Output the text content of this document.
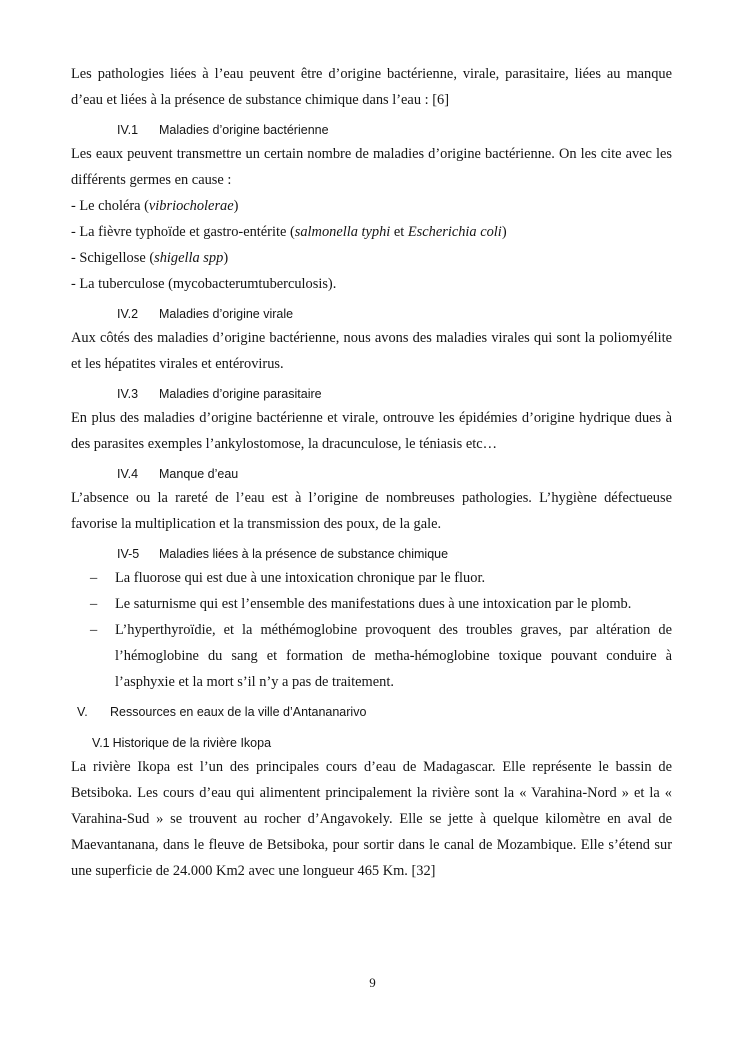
Les pathologies liées à l’eau peuvent être d’origine bactérienne, virale, parasitaire, liées au manque

d’eau et liées à la présence de substance chimique dans l’eau : [6]

IV.1	Maladies d’origine bactérienne

Les eaux peuvent transmettre un certain nombre de maladies d’origine bactérienne. On les cite avec les différents germes en cause :

- Le choléra (vibriocholerae)

- La fièvre typhoïde et gastro-entérite (salmonella typhi et Escherichia coli)

- Schigellose (shigella spp)

- La tuberculose (mycobacterumtuberculosis).

IV.2	Maladies d’origine virale

Aux côtés des maladies d’origine bactérienne, nous avons des maladies virales qui sont la poliomyélite et les hépatites virales et entérovirus.

IV.3	Maladies d’origine parasitaire

En plus des maladies d’origine bactérienne et virale, ontrouve les épidémies d’origine hydrique dues à des parasites exemples l’ankylostomose, la dracunculose, le téniasis etc…

IV.4	Manque d’eau

L’absence ou la rareté de l’eau est à l’origine de nombreuses pathologies. L’hygiène défectueuse favorise la multiplication et la transmission des poux, de la gale.

IV-5	Maladies liées à la présence de substance chimique
– La fluorose qui est due à une intoxication chronique par le fluor.
– Le saturnisme qui est l’ensemble des manifestations dues à une intoxication par le plomb.
– L’hyperthyroïdie, et la méthémoglobine provoquent des troubles graves, par altération de l’hémoglobine du sang et formation de metha-hémoglobine toxique pouvant conduire à l’asphyxie et la mort s’il n’y a pas de traitement.
V.	Ressources en eaux de la ville d’Antananarivo
V.1 Historique de la rivière Ikopa

La rivière Ikopa est l’un des principales cours d’eau de Madagascar. Elle représente le bassin de Betsiboka. Les cours d’eau qui alimentent principalement la rivière sont la « Varahina-Nord » et la « Varahina-Sud » se trouvent au rocher d’Angavokely. Elle se jette à quelque kilomètre en aval de Maevantanana, dans le fleuve de Betsiboka, pour sortir dans le canal de Mozambique. Elle s’étend sur une superficie de 24.000 Km2 avec une longueur 465 Km. [32]

9
